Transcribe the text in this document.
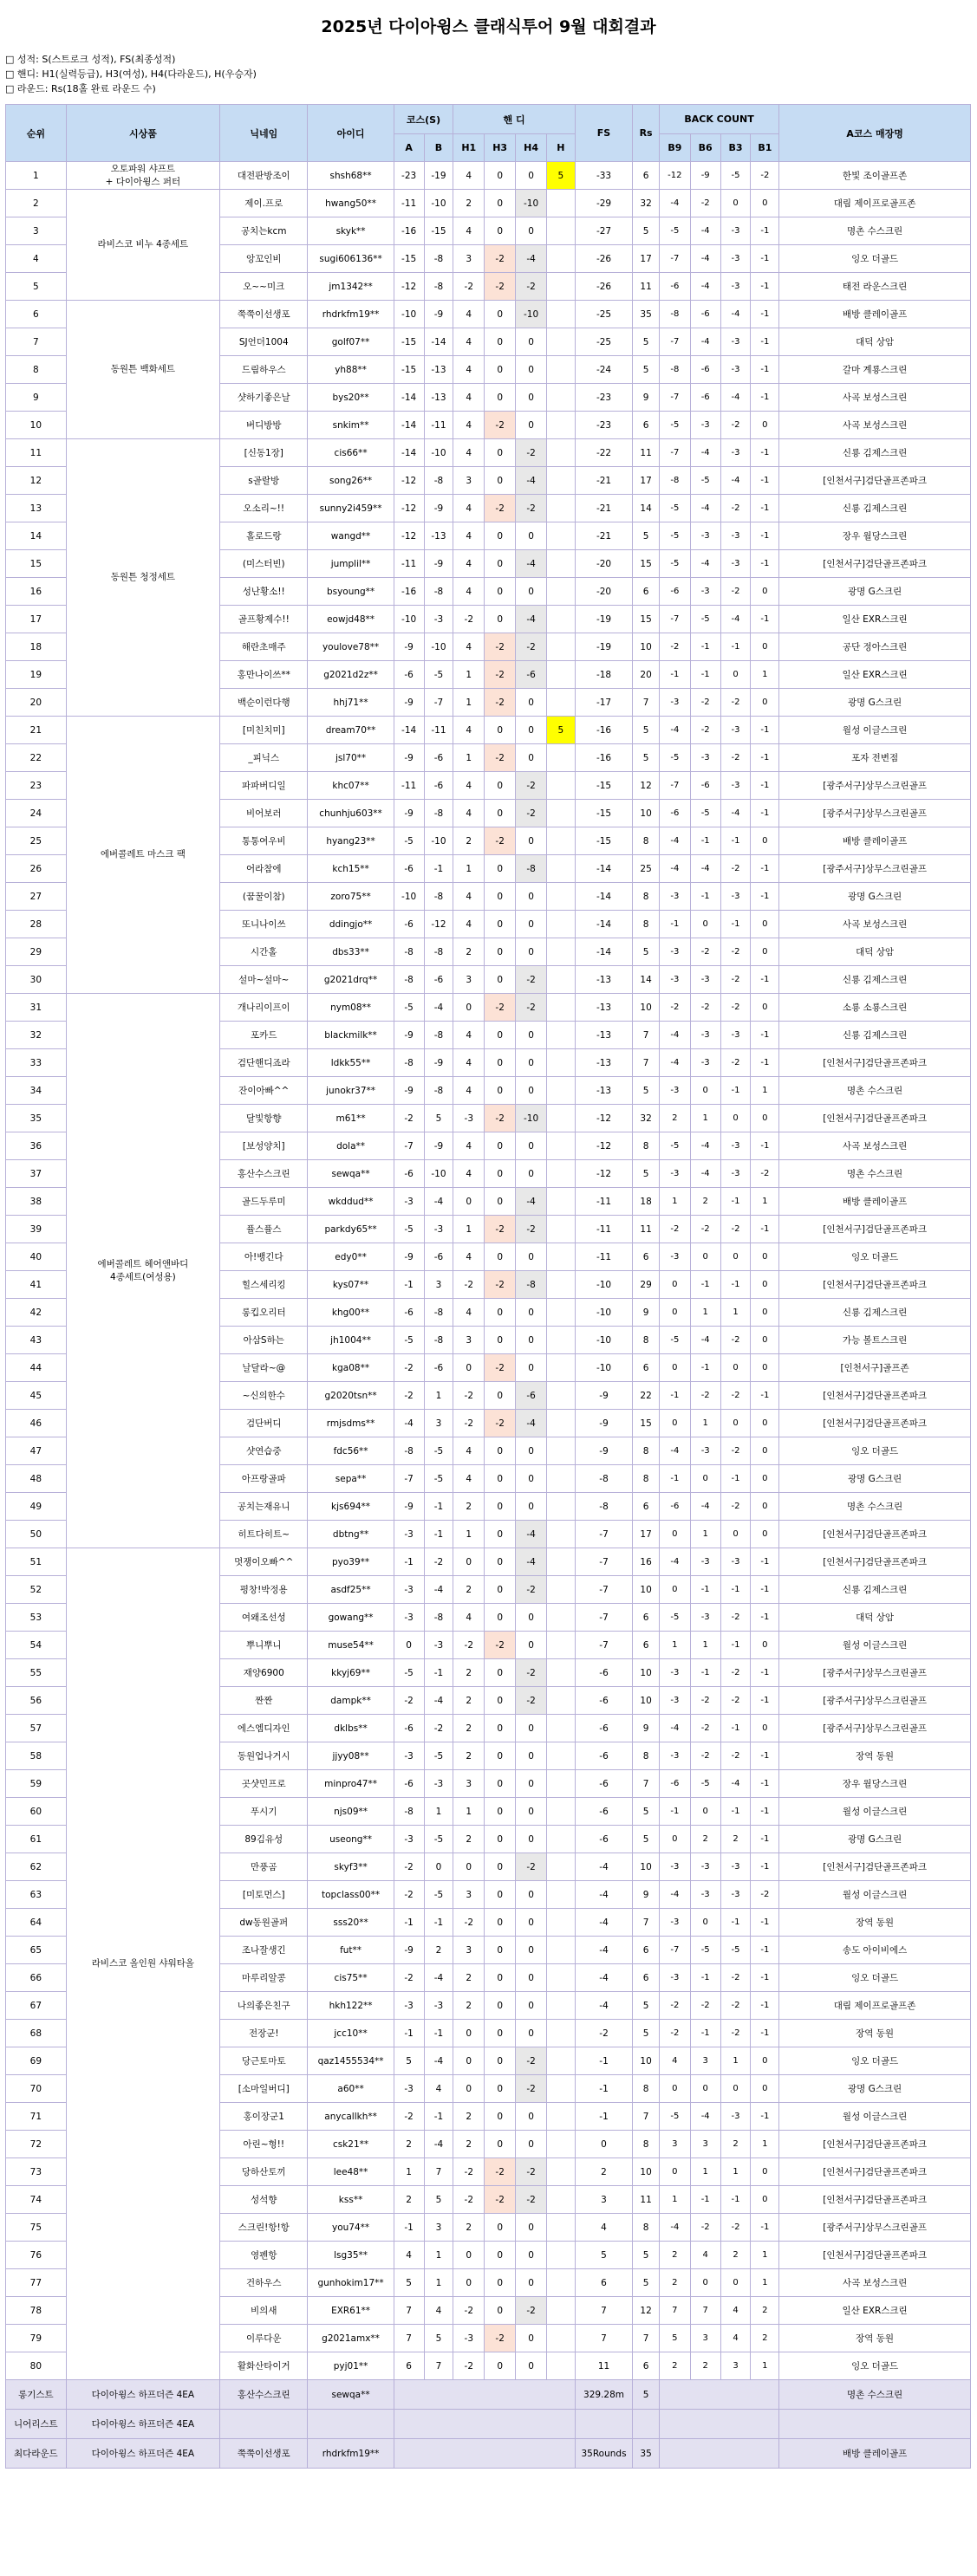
2025년 다이아윙스 클래식투어 9월 대회결과
□ 성적: S(스트로크 성적), FS(최종성적)
□ 핸디: H1(실력등급), H3(여성), H4(다라운드), H(우승자)
□ 라운드: Rs(18홀 완료 라운드 수)
순위	시상품	닉네임	아이디	코스(S)		핸 디				FS	Rs	BACK COUNT				A코스 매장명
				A	B	H1	H3	H4	H			B9	B6	B3	B1	
1	오토파워 샤프트
+ 다이아윙스 퍼터	대전판방조이	shsh68**	-23	-19	4	0	0	5	-33	6	-12	-9	-5	-2	한빛 조이골프존
2	라비스코 비누 4종세트	제이.프로	hwang50**	-11	-10	2	0	-10		-29	32	-4	-2	0	0	대림 제이프로골프존
3		공치는kcm	skyk**	-16	-15	4	0	0		-27	5	-5	-4	-3	-1	명촌 수스크린
4		앙꼬인비	sugi606136**	-15	-8	3	-2	-4		-26	17	-7	-4	-3	-1	잉오 더골드
5		오~~미크	jm1342**	-12	-8	-2	-2	-2		-26	11	-6	-4	-3	-1	태전 라운스크린
6	동원튼 백화세트	쭉쭉이선생포	rhdrkfm19**	-10	-9	4	0	-10		-25	35	-8	-6	-4	-1	배방 클레이골프
7		SJ언더1004	golf07**	-15	-14	4	0	0		-25	5	-7	-4	-3	-1	대덕 상암
8		드림하우스	yh88**	-15	-13	4	0	0		-24	5	-8	-6	-3	-1	갈마 계룡스크린
9		샷하기좋은날	bys20**	-14	-13	4	0	0		-23	9	-7	-6	-4	-1	사곡 보성스크린
10		버디방방	snkim**	-14	-11	4	-2	0		-23	6	-5	-3	-2	0	사곡 보성스크린
11	동원튼 청정세트	[신동1장]	cis66**	-14	-10	4	0	-2		-22	11	-7	-4	-3	-1	신룡 김제스크린
12		s골랄방	song26**	-12	-8	3	0	-4		-21	17	-8	-5	-4	-1	[인천서구]검단골프존파크
13		오소리~!!	sunny2i459**	-12	-9	4	-2	-2		-21	14	-5	-4	-2	-1	신룡 김제스크린
14		홀로드랑	wangd**	-12	-13	4	0	0		-21	5	-5	-3	-3	-1	장우 월당스크린
15		(미스터빈)	jumplil**	-11	-9	4	0	-4		-20	15	-5	-4	-3	-1	[인천서구]검단골프존파크
16		성난황소!!	bsyoung**	-16	-8	4	0	0		-20	6	-6	-3	-2	0	광명 G스크린
17		골프황제수!!	eowjd48**	-10	-3	-2	0	-4		-19	15	-7	-5	-4	-1	일산 EXR스크린
18		해란초매주	youlove78**	-9	-10	4	-2	-2		-19	10	-2	-1	-1	0	공단 정아스크린
19		홍만나이쓰**	g2021d2z**	-6	-5	1	-2	-6		-18	20	-1	-1	0	1	일산 EXR스크린
20		백순이런다행	hhj71**	-9	-7	1	-2	0		-17	7	-3	-2	-2	0	광명 G스크린
21	에버콜레트 마스크 팩	[미친치미]	dream70**	-14	-11	4	0	0	5	-16	5	-4	-2	-3	-1	월성 이글스크린
22		_피닉스	jsl70**	-9	-6	1	-2	0		-16	5	-5	-3	-2	-1	포자 전변점
23		파파버디일	khc07**	-11	-6	4	0	-2		-15	12	-7	-6	-3	-1	[광주서구]상무스크린골프
24		비어보러	chunhju603**	-9	-8	4	0	-2		-15	10	-6	-5	-4	-1	[광주서구]상무스크린골프
25		통통여우비	hyang23**	-5	-10	2	-2	0		-15	8	-4	-1	-1	0	배방 클레이골프
26		어라참에	kch15**	-6	-1	1	0	-8		-14	25	-4	-4	-2	-1	[광주서구]상무스크린골프
27		(꿈꿀이참)	zoro75**	-10	-8	4	0	0		-14	8	-3	-1	-3	-1	광명 G스크린
28		또니나이쓰	ddingjo**	-6	-12	4	0	0		-14	8	-1	0	-1	0	사곡 보성스크린
29		시간홀	dbs33**	-8	-8	2	0	0		-14	5	-3	-2	-2	0	대덕 상암
30		설마~설마~	g2021drq**	-8	-6	3	0	-2		-13	14	-3	-3	-2	-1	신룡 김제스크린
31	에버콜레트 헤어앤바디
4종세트(여성용)	개나리이프이	nym08**	-5	-4	0	-2	-2		-13	10	-2	-2	-2	0	소룡 소룡스크린
32		포카드	blackmilk**	-9	-8	4	0	0		-13	7	-4	-3	-3	-1	신룡 김제스크린
33		검단핸디죠라	ldkk55**	-8	-9	4	0	0		-13	7	-4	-3	-2	-1	[인천서구]검단골프존파크
34		잔이아빠^^	junokr37**	-9	-8	4	0	0		-13	5	-3	0	-1	1	명촌 수스크린
35		달빛항향	m61**	-2	5	-3	-2	-10		-12	32	2	1	0	0	[인천서구]검단골프존파크
36		[보성양치]	dola**	-7	-9	4	0	0		-12	8	-5	-4	-3	-1	사곡 보성스크린
37		홍산수스크린	sewqa**	-6	-10	4	0	0		-12	5	-3	-4	-3	-2	명촌 수스크린
38		골드두루미	wkddud**	-3	-4	0	0	-4		-11	18	1	2	-1	1	배방 클레이골프
39		퓰스퓰스	parkdy65**	-5	-3	1	-2	-2		-11	11	-2	-2	-2	-1	[인천서구]검단골프존파크
40		아!뱅긴다	edy0**	-9	-6	4	0	0		-11	6	-3	0	0	0	잉오 더골드
41		힐스세리킹	kys07**	-1	3	-2	-2	-8		-10	29	0	-1	-1	0	[인천서구]검단골프존파크
42		롱킵오리터	khg00**	-6	-8	4	0	0		-10	9	0	1	1	0	신룡 김제스크린
43		아삼S하는	jh1004**	-5	-8	3	0	0		-10	8	-5	-4	-2	0	가능 볼트스크린
44		날달라~@	kga08**	-2	-6	0	-2	0		-10	6	0	-1	0	0	[인천서구]골프존
45		~신의한수	g2020tsn**	-2	1	-2	0	-6		-9	22	-1	-2	-2	-1	[인천서구]검단골프존파크
46		검단버디	rmjsdms**	-4	3	-2	-2	-4		-9	15	0	1	0	0	[인천서구]검단골프존파크
47		샷연습중	fdc56**	-8	-5	4	0	0		-9	8	-4	-3	-2	0	잉오 더골드
48		아프랑골파	sepa**	-7	-5	4	0	0		-8	8	-1	0	-1	0	광명 G스크린
49		공치는재유니	kjs694**	-9	-1	2	0	0		-8	6	-6	-4	-2	0	명촌 수스크린
50		히트다히트~	dbtng**	-3	-1	1	0	-4		-7	17	0	1	0	0	[인천서구]검단골프존파크
51	라비스코 올인원 샤워타올	멋쟁이오빠^^	pyo39**	-1	-2	0	0	-4		-7	16	-4	-3	-3	-1	[인천서구]검단골프존파크
52		평창!박정용	asdf25**	-3	-4	2	0	-2		-7	10	0	-1	-1	-1	신룡 김제스크린
53		여왜조선성	gowang**	-3	-8	4	0	0		-7	6	-5	-3	-2	-1	대덕 상암
54		뿌니뿌니	muse54**	0	-3	-2	-2	0		-7	6	1	1	-1	0	월성 이글스크린
55		재양6900	kkyj69**	-5	-1	2	0	-2		-6	10	-3	-1	-2	-1	[광주서구]상무스크린골프
56		짠짠	dampk**	-2	-4	2	0	-2		-6	10	-3	-2	-2	-1	[광주서구]상무스크린골프
57		에스엠디자인	dklbs**	-6	-2	2	0	0		-6	9	-4	-2	-1	0	[광주서구]상무스크린골프
58		동원업나거시	jjyy08**	-3	-5	2	0	0		-6	8	-3	-2	-2	-1	장역 동원
59		곳샷민프로	minpro47**	-6	-3	3	0	0		-6	7	-6	-5	-4	-1	장우 월당스크린
60		푸시기	njs09**	-8	1	1	0	0		-6	5	-1	0	-1	-1	월성 이글스크린
61		89김유성	useong**	-3	-5	2	0	0		-6	5	0	2	2	-1	광명 G스크린
62		만풍곰	skyf3**	-2	0	0	0	-2		-4	10	-3	-3	-3	-1	[인천서구]검단골프존파크
63		[미토먼스]	topclass00**	-2	-5	3	0	0		-4	9	-4	-3	-3	-2	월성 이글스크린
64		dw동원골퍼	sss20**	-1	-1	-2	0	0		-4	7	-3	0	-1	-1	장역 동원
65		조나잘생긴	fut**	-9	2	3	0	0		-4	6	-7	-5	-5	-1	송도 아이비에스
66		마루리알콩	cis75**	-2	-4	2	0	0		-4	6	-3	-1	-2	-1	잉오 더골드
67		나의좋은친구	hkh122**	-3	-3	2	0	0		-4	5	-2	-2	-2	-1	대림 제이프로골프존
68		전장군!	jcc10**	-1	-1	0	0	0		-2	5	-2	-1	-2	-1	장역 동원
69		당근토마토	qaz1455534**	5	-4	0	0	-2		-1	10	4	3	1	0	잉오 더골드
70		[소마일버디]	a60**	-3	4	0	0	-2		-1	8	0	0	0	0	광명 G스크린
71		홍이장군1	anycallkh**	-2	-1	2	0	0		-1	7	-5	-4	-3	-1	월성 이글스크린
72		아린~형!!	csk21**	2	-4	2	0	0		0	8	3	3	2	1	[인천서구]검단골프존파크
73		당하산토끼	lee48**	1	7	-2	-2	-2		2	10	0	1	1	0	[인천서구]검단골프존파크
74		성석향	kss**	2	5	-2	-2	-2		3	11	1	-1	-1	0	[인천서구]검단골프존파크
75		스크린!항!항	you74**	-1	3	2	0	0		4	8	-4	-2	-2	-1	[광주서구]상무스크린골프
76		영펜항	lsg35**	4	1	0	0	0		5	5	2	4	2	1	[인천서구]검단골프존파크
77		건하우스	gunhokim17**	5	1	0	0	0		6	5	2	0	0	1	사곡 보성스크린
78		비의새	EXR61**	7	4	-2	0	-2		7	12	7	7	4	2	일산 EXR스크린
79		이루다운	g2021amx**	7	5	-3	-2	0		7	7	5	3	4	2	장역 동원
80		활화산타이거	pyj01**	6	7	-2	0	0		11	6	2	2	3	1	잉오 더골드
롱기스트	다이아윙스 하프더즌 4EA	홍산수스크린	sewqa**							329.28m	5					명촌 수스크린
니어리스트	다이아윙스 하프더즌 4EA															
최다라운드	다이아윙스 하프더즌 4EA	쭉쭉이선생포	rhdrkfm19**							35Rounds	35					배방 클레이골프
